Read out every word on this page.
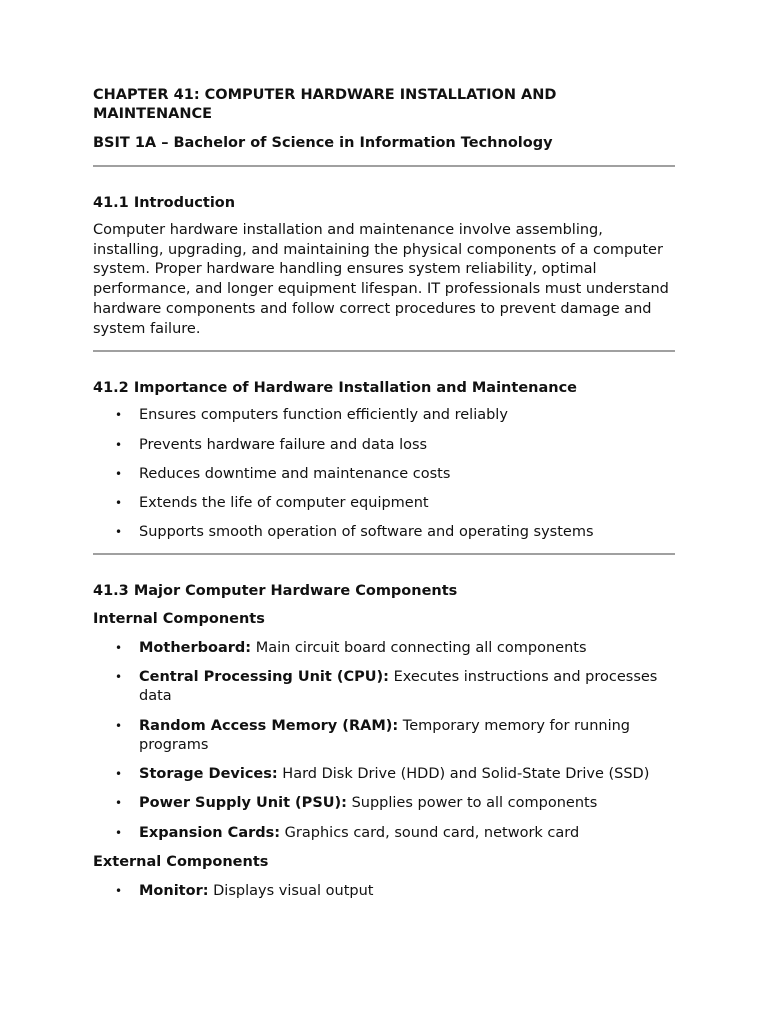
CHAPTER 41: COMPUTER HARDWARE INSTALLATION AND MAINTENANCE
BSIT 1A – Bachelor of Science in Information Technology
41.1 Introduction

Computer hardware installation and maintenance involve assembling, installing, upgrading, and maintaining the physical components of a computer system. Proper hardware handling ensures system reliability, optimal performance, and longer equipment lifespan. IT professionals must understand hardware components and follow correct procedures to prevent damage and system failure.

41.2 Importance of Hardware Installation and Maintenance
• Ensures computers function efficiently and reliably
• Prevents hardware failure and data loss
• Reduces downtime and maintenance costs
• Extends the life of computer equipment
• Supports smooth operation of software and operating systems
41.3 Major Computer Hardware Components
Internal Components
• Motherboard: Main circuit board connecting all components
• Central Processing Unit (CPU): Executes instructions and processes data
• Random Access Memory (RAM): Temporary memory for running programs
• Storage Devices: Hard Disk Drive (HDD) and Solid-State Drive (SSD)
• Power Supply Unit (PSU): Supplies power to all components
• Expansion Cards: Graphics card, sound card, network card
External Components
• Monitor: Displays visual output
